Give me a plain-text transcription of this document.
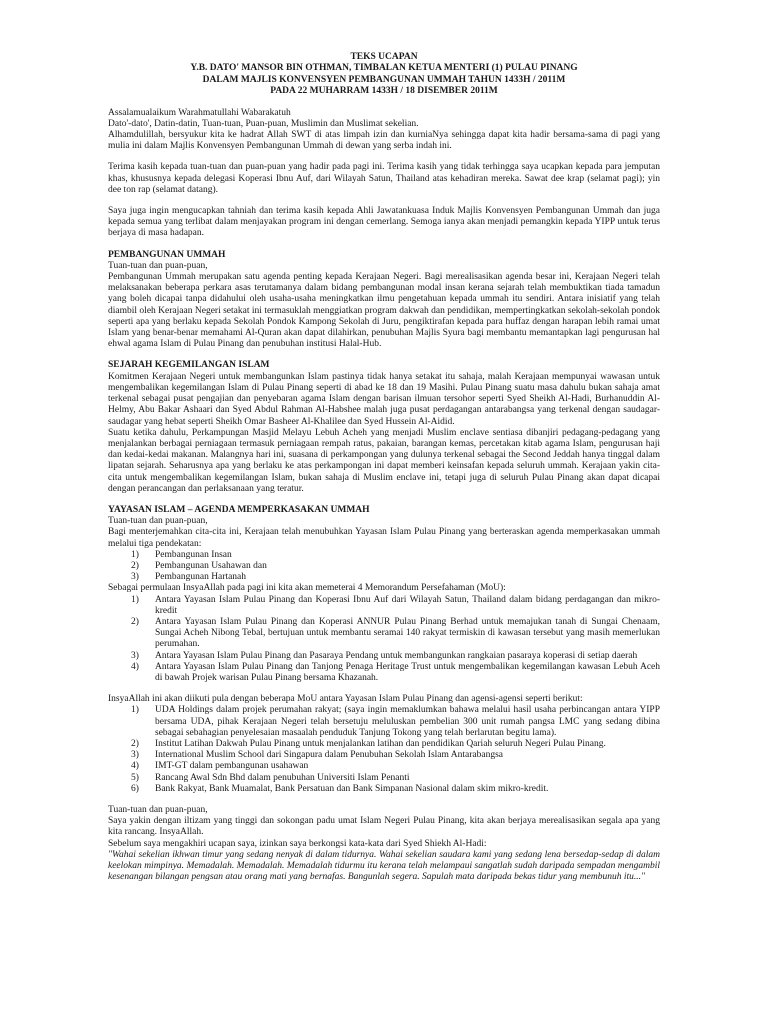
TEKS UCAPAN
Y.B. DATO' MANSOR BIN OTHMAN, TIMBALAN KETUA MENTERI (1) PULAU PINANG
DALAM MAJLIS KONVENSYEN PEMBANGUNAN UMMAH TAHUN 1433H / 2011M
PADA 22 MUHARRAM 1433H / 18 DISEMBER 2011M

Assalamualaikum Warahmatullahi Wabarakatuh

Dato'-dato', Datin-datin, Tuan-tuan, Puan-puan, Muslimin dan Muslimat sekelian.

Alhamdulillah, bersyukur kita ke hadrat Allah SWT di atas limpah izin dan kurniaNya sehingga dapat kita hadir bersama-sama di pagi yang mulia ini dalam Majlis Konvensyen Pembangunan Ummah di dewan yang serba indah ini.

Terima kasih kepada tuan-tuan dan puan-puan yang hadir pada pagi ini. Terima kasih yang tidak terhingga saya ucapkan kepada para jemputan khas, khususnya kepada delegasi Koperasi Ibnu Auf, dari Wilayah Satun, Thailand atas kehadiran mereka. Sawat dee krap (selamat pagi); yin dee ton rap (selamat datang).

Saya juga ingin mengucapkan tahniah dan terima kasih kepada Ahli Jawatankuasa Induk Majlis Konvensyen Pembangunan Ummah dan juga kepada semua yang terlibat dalam menjayakan program ini dengan cemerlang. Semoga ianya akan menjadi pemangkin kepada YIPP untuk terus berjaya di masa hadapan.

PEMBANGUNAN UMMAH

Tuan-tuan dan puan-puan,

Pembangunan Ummah merupakan satu agenda penting kepada Kerajaan Negeri. Bagi merealisasikan agenda besar ini, Kerajaan Negeri telah melaksanakan beberapa perkara asas terutamanya dalam bidang pembangunan modal insan kerana sejarah telah membuktikan tiada tamadun yang boleh dicapai tanpa didahului oleh usaha-usaha meningkatkan ilmu pengetahuan kepada ummah itu sendiri. Antara inisiatif yang telah diambil oleh Kerajaan Negeri setakat ini termasuklah menggiatkan program dakwah dan pendidikan, mempertingkatkan sekolah-sekolah pondok seperti apa yang berlaku kepada Sekolah Pondok Kampong Sekolah di Juru, pengiktirafan kepada para huffaz dengan harapan lebih ramai umat Islam yang benar-benar memahami Al-Quran akan dapat dilahirkan, penubuhan Majlis Syura bagi membantu memantapkan lagi pengurusan hal ehwal agama Islam di Pulau Pinang dan penubuhan institusi Halal-Hub.

SEJARAH KEGEMILANGAN ISLAM

Komitmen Kerajaan Negeri untuk membangunkan Islam pastinya tidak hanya setakat itu sahaja, malah Kerajaan mempunyai wawasan untuk mengembalikan kegemilangan Islam di Pulau Pinang seperti di abad ke 18 dan 19 Masihi. Pulau Pinang suatu masa dahulu bukan sahaja amat terkenal sebagai pusat pengajian dan penyebaran agama Islam dengan barisan ilmuan tersohor seperti Syed Sheikh Al-Hadi, Burhanuddin Al-Helmy, Abu Bakar Ashaari dan Syed Abdul Rahman Al-Habshee malah juga pusat perdagangan antarabangsa yang terkenal dengan saudagar-saudagar yang hebat seperti Sheikh Omar Basheer Al-Khalilee dan Syed Hussein Al-Aidid.

Suatu ketika dahulu, Perkampungan Masjid Melayu Lebuh Acheh yang menjadi Muslim enclave sentiasa dibanjiri pedagang-pedagang yang menjalankan berbagai perniagaan termasuk perniagaan rempah ratus, pakaian, barangan kemas, percetakan kitab agama Islam, pengurusan haji dan kedai-kedai makanan. Malangnya hari ini, suasana di perkampongan yang dulunya terkenal sebagai the Second Jeddah hanya tinggal dalam lipatan sejarah. Seharusnya apa yang berlaku ke atas perkampongan ini dapat memberi keinsafan kepada seluruh ummah. Kerajaan yakin cita-cita untuk mengembalikan kegemilangan Islam, bukan sahaja di Muslim enclave ini, tetapi juga di seluruh Pulau Pinang akan dapat dicapai dengan perancangan dan perlaksanaan yang teratur.

YAYASAN ISLAM – AGENDA MEMPERKASAKAN UMMAH

Tuan-tuan dan puan-puan,

Bagi menterjemahkan cita-cita ini, Kerajaan telah menubuhkan Yayasan Islam Pulau Pinang yang berteraskan agenda memperkasakan ummah melalui tiga pendekatan:

1)	Pembangunan Insan
2)	Pembangunan Usahawan dan
3)	Pembangunan Hartanah

Sebagai permulaan InsyaAllah pada pagi ini kita akan memeterai 4 Memorandum Persefahaman (MoU):

1)	Antara Yayasan Islam Pulau Pinang dan Koperasi Ibnu Auf dari Wilayah Satun, Thailand dalam bidang perdagangan dan mikro-kredit
2)	Antara Yayasan Islam Pulau Pinang dan Koperasi ANNUR Pulau Pinang Berhad untuk memajukan tanah di Sungai Chenaam, Sungai Acheh Nibong Tebal, bertujuan untuk membantu seramai 140 rakyat termiskin di kawasan tersebut yang masih memerlukan perumahan.
3)	Antara Yayasan Islam Pulau Pinang dan Pasaraya Pendang untuk membangunkan rangkaian pasaraya koperasi di setiap daerah
4)	Antara Yayasan Islam Pulau Pinang dan Tanjong Penaga Heritage Trust untuk mengembalikan kegemilangan kawasan Lebuh Aceh di bawah Projek warisan Pulau Pinang bersama Khazanah.

InsyaAllah ini akan diikuti pula dengan beberapa MoU antara Yayasan Islam Pulau Pinang dan agensi-agensi seperti berikut:

1)	UDA Holdings dalam projek perumahan rakyat; (saya ingin memaklumkan bahawa melalui hasil usaha perbincangan antara YIPP bersama UDA, pihak Kerajaan Negeri telah bersetuju meluluskan pembelian 300 unit rumah pangsa LMC yang sedang dibina sebagai sebahagian penyelesaian masaalah penduduk Tanjung Tokong yang telah berlarutan begitu lama).
2)	Institut Latihan Dakwah Pulau Pinang untuk menjalankan latihan dan pendidikan Qariah seluruh Negeri Pulau Pinang.
3)	International Muslim School dari Singapura dalam Penubuhan Sekolah Islam Antarabangsa
4)	IMT-GT dalam pembangunan usahawan
5)	Rancang Awal Sdn Bhd dalam penubuhan Universiti Islam Penanti
6)	Bank Rakyat, Bank Muamalat, Bank Persatuan dan Bank Simpanan Nasional dalam skim mikro-kredit.

Tuan-tuan dan puan-puan,

Saya yakin dengan iltizam yang tinggi dan sokongan padu umat Islam Negeri Pulau Pinang, kita akan berjaya merealisasikan segala apa yang kita rancang. InsyaAllah.

Sebelum saya mengakhiri ucapan saya, izinkan saya berkongsi kata-kata dari Syed Shiekh Al-Hadi:

"Wahai sekelian ikhwan timur yang sedang nenyak di dalam tidurnya. Wahai sekelian saudara kami yang sedang lena bersedap-sedap di dalam keelokan mimpinya. Memadalah. Memadalah. Memadalah tidurmu itu kerana telah melampaui sangatlah sudah daripada sempadan mengambil kesenangan bilangan pengsan atau orang mati yang bernafas. Bangunlah segera. Sapulah mata daripada bekas tidur yang membunuh itu..."
